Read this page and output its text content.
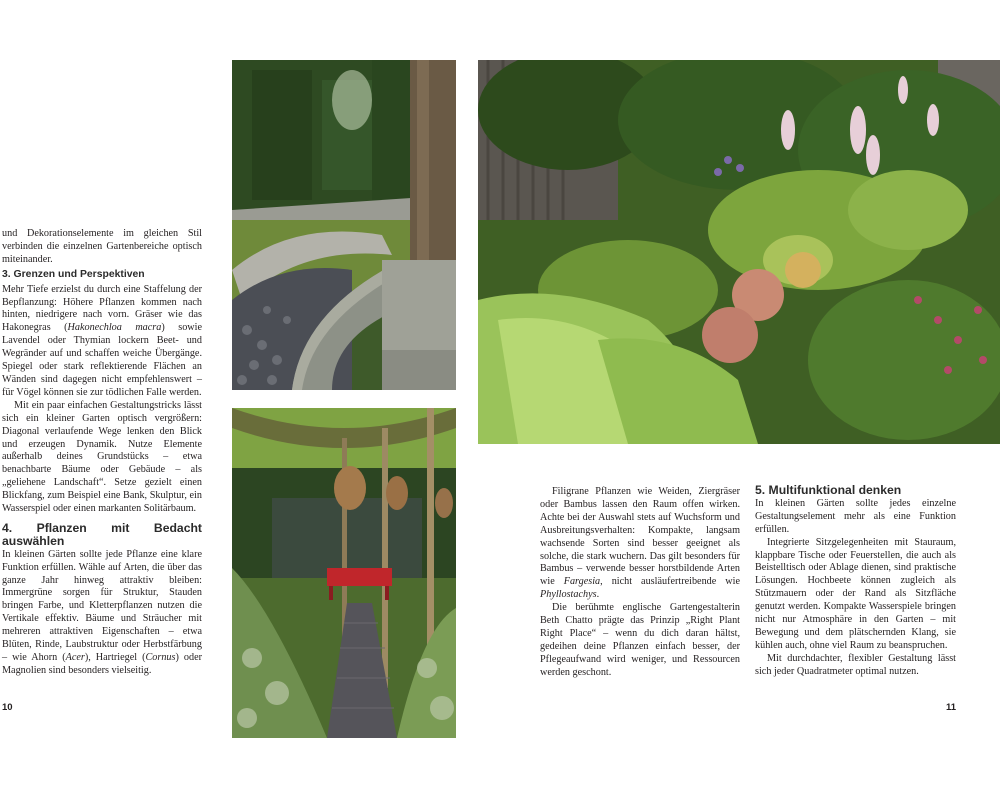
und Dekorationselemente im gleichen Stil verbinden die einzelnen Gartenbereiche optisch miteinander.

3. Grenzen und Perspektiven

Mehr Tiefe erzielst du durch eine Staffelung der Bepflanzung: Höhere Pflanzen kommen nach hinten, niedrigere nach vorn. Gräser wie das Hakonegras (Hakonechloa macra) sowie Lavendel oder Thymian lockern Beet- und Wegränder auf und schaffen weiche Übergänge. Spiegel oder stark reflektierende Flächen an Wänden sind dagegen nicht empfehlenswert – für Vögel können sie zur tödlichen Falle werden.

Mit ein paar einfachen Gestaltungstricks lässt sich ein kleiner Garten optisch vergrößern: Diagonal verlaufende Wege lenken den Blick und erzeugen Dynamik. Nutze Elemente außerhalb deines Grundstücks – etwa benachbarte Bäume oder Gebäude – als „geliehene Landschaft“. Setze gezielt einen Blickfang, zum Beispiel eine Bank, Skulptur, ein Wasserspiel oder einen markanten Solitärbaum.

4. Pflanzen mit Bedacht auswählen

In kleinen Gärten sollte jede Pflanze eine klare Funktion erfüllen. Wähle auf Arten, die über das ganze Jahr hinweg attraktiv bleiben: Immergrüne sorgen für Struktur, Stauden bringen Farbe, und Kletterpflanzen nutzen die Vertikale effektiv. Bäume und Sträucher mit mehreren attraktiven Eigenschaften – etwa Blüten, Rinde, Laubstruktur oder Herbstfärbung – wie Ahorn (Acer), Hartriegel (Cornus) oder Magnolien sind besonders vielseitig.

10

Filigrane Pflanzen wie Weiden, Ziergräser oder Bambus lassen den Raum offen wirken. Achte bei der Auswahl stets auf Wuchsform und Ausbreitungsverhalten: Kompakte, langsam wachsende Sorten sind besser geeignet als solche, die stark wuchern. Das gilt besonders für Bambus – verwende besser horstbildende Arten wie Fargesia, nicht ausläufertreibende wie Phyllostachys.

Die berühmte englische Gartengestalterin Beth Chatto prägte das Prinzip „Right Plant Right Place“ – wenn du dich daran hältst, gedeihen deine Pflanzen einfach besser, der Pflegeaufwand wird weniger, und Ressourcen werden geschont.

5. Multifunktional denken

In kleinen Gärten sollte jedes einzelne Gestaltungselement mehr als eine Funktion erfüllen.

Integrierte Sitzgelegenheiten mit Stauraum, klappbare Tische oder Feuerstellen, die auch als Beistelltisch oder Ablage dienen, sind praktische Lösungen. Hochbeete können zugleich als Stützmauern oder der Rand als Sitzfläche genutzt werden. Kompakte Wasserspiele bringen nicht nur Atmosphäre in den Garten – mit Bewegung und dem plätschernden Klang, sie kühlen auch, ohne viel Raum zu beanspruchen.

Mit durchdachter, flexibler Gestaltung lässt sich jeder Quadratmeter optimal nutzen.

11
